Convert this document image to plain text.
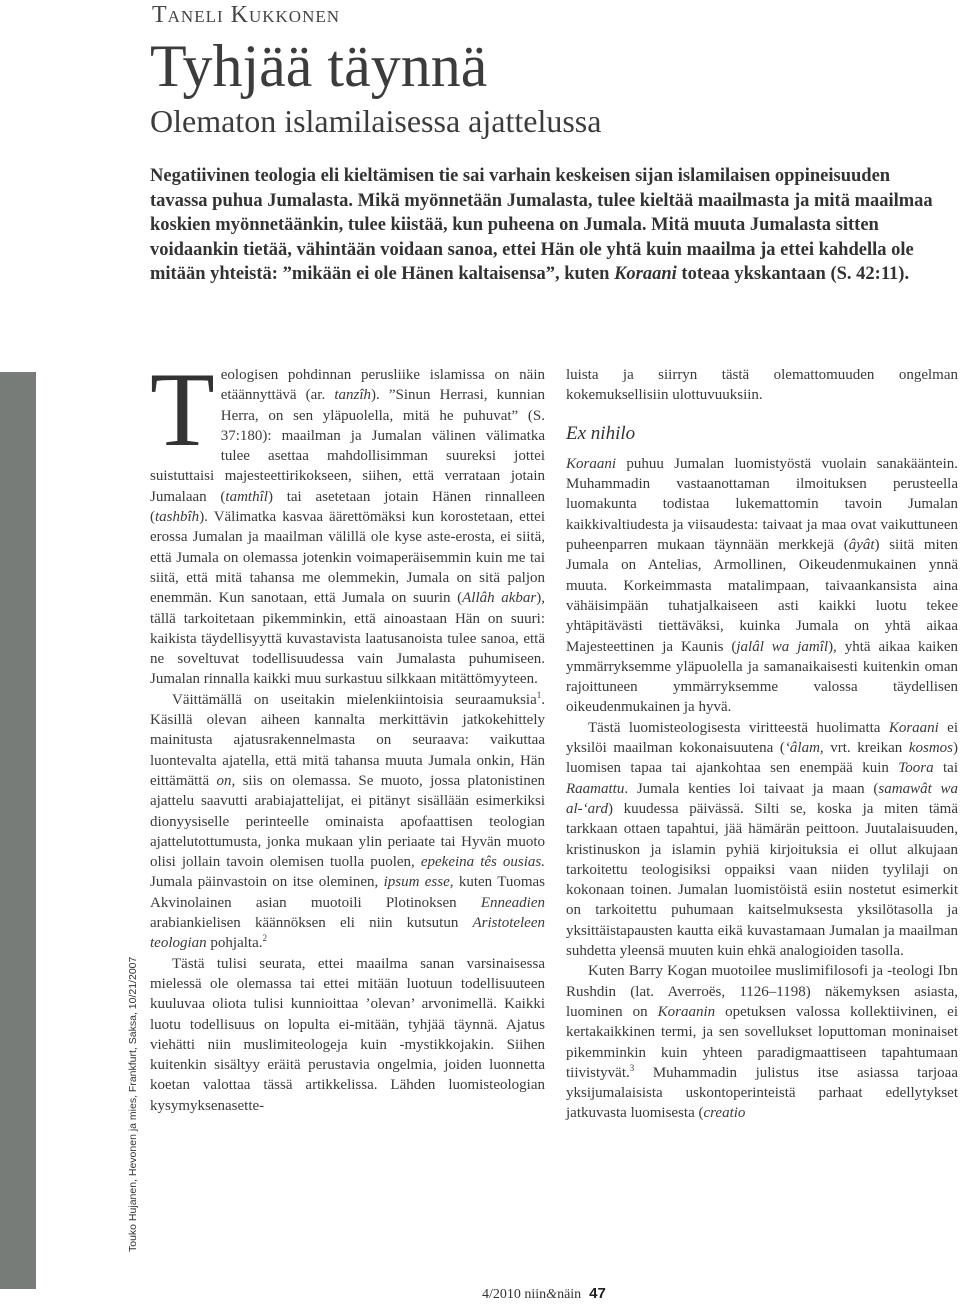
Taneli Kukkonen
Tyhjää täynnä
Olematon islamilaisessa ajattelussa
Negatiivinen teologia eli kieltämisen tie sai varhain keskeisen sijan islamilaisen oppineisuuden tavassa puhua Jumalasta. Mikä myönnetään Jumalasta, tulee kieltää maailmasta ja mitä maailmaa koskien myönnetäänkin, tulee kiistää, kun puheena on Jumala. Mitä muuta Jumalasta sitten voidaankin tietää, vähintään voidaan sanoa, ettei Hän ole yhtä kuin maailma ja ettei kahdella ole mitään yhteistä: ”mikään ei ole Hänen kaltaisensa”, kuten Koraani toteaa ykskantaan (S. 42:11).
Touko Hujanen, Hevonen ja mies, Frankfurt, Saksa, 10/21/2007

Teologisen pohdinnan perusliike islamissa on näin etäännyttävä (ar. tanzîh). ”Sinun Herrasi, kunnian Herra, on sen yläpuolella, mitä he puhuvat” (S. 37:180): maailman ja Jumalan välinen välimatka tulee asettaa mahdollisimman suureksi jottei suistuttaisi majesteettirikokseen, siihen, että verrataan jotain Jumalaan (tamthîl) tai asetetaan jotain Hänen rinnalleen (tashbîh). Välimatka kasvaa äärettömäksi kun korostetaan, ettei erossa Jumalan ja maailman välillä ole kyse aste-erosta, ei siitä, että Jumala on olemassa jotenkin voimaperäisemmin kuin me tai siitä, että mitä tahansa me olemmekin, Jumala on sitä paljon enemmän. Kun sanotaan, että Jumala on suurin (Allâh akbar), tällä tarkoitetaan pikemminkin, että ainoastaan Hän on suuri: kaikista täydellisyyttä kuvastavista laatusanoista tulee sanoa, että ne soveltuvat todellisuudessa vain Jumalasta puhumiseen. Jumalan rinnalla kaikki muu surkastuu silkkaan mitättömyyteen.

Väittämällä on useitakin mielenkiintoisia seuraamuksia$^1$. Käsillä olevan aiheen kannalta merkittävin jatkokehittely mainitusta ajatusrakennelmasta on seuraava: vaikuttaa luontevalta ajatella, että mitä tahansa muuta Jumala onkin, Hän eittämättä on, siis on olemassa. Se muoto, jossa platonistinen ajattelu saavutti arabiajattelijat, ei pitänyt sisällään esimerkiksi dionyysiselle perinteelle ominaista apofaattisen teologian ajattelutottumusta, jonka mukaan ylin periaate tai Hyvän muoto olisi jollain tavoin olemisen tuolla puolen, epekeina tês ousias. Jumala päinvastoin on itse oleminen, ipsum esse, kuten Tuomas Akvinolainen asian muotoili Plotinoksen Enneadien arabiankielisen käännöksen eli niin kutsutun Aristoteleen teologian pohjalta.$^2$

Tästä tulisi seurata, ettei maailma sanan varsinaisessa mielessä ole olemassa tai ettei mitään luotuun todellisuuteen kuuluvaa oliota tulisi kunnioittaa ’olevan’ arvonimellä. Kaikki luotu todellisuus on lopulta ei-mitään, tyhjää täynnä. Ajatus viehätti niin muslimiteologeja kuin -mystikkojakin. Siihen kuitenkin sisältyy eräitä perustavia ongelmia, joiden luonnetta koetan valottaa tässä artikkelissa. Lähden luomisteologian kysymyksenasette-

luista ja siirryn tästä olemattomuuden ongelman kokemuksellisiin ulottuvuuksiin.

Ex nihilo

Koraani puhuu Jumalan luomistyöstä vuolain sanakääntein. Muhammadin vastaanottaman ilmoituksen perusteella luomakunta todistaa lukemattomin tavoin Jumalan kaikkivaltiudesta ja viisaudesta: taivaat ja maa ovat vaikuttuneen puheenparren mukaan täynnään merkkejä (âyât) siitä miten Jumala on Antelias, Armollinen, Oikeudenmukainen ynnä muuta. Korkeimmasta matalimpaan, taivaankansista aina vähäisimpään tuhatjalkaiseen asti kaikki luotu tekee yhtäpitävästi tiettäväksi, kuinka Jumala on yhtä aikaa Majesteettinen ja Kaunis (jalâl wa jamîl), yhtä aikaa kaiken ymmärryksemme yläpuolella ja samanaikaisesti kuitenkin oman rajoittuneen ymmärryksemme valossa täydellisen oikeudenmukainen ja hyvä.

Tästä luomisteologisesta viritteestä huolimatta Koraani ei yksilöi maailman kokonaisuutena (‘âlam, vrt. kreikan kosmos) luomisen tapaa tai ajankohtaa sen enempää kuin Toora tai Raamattu. Jumala kenties loi taivaat ja maan (samawât wa al-‘ard) kuudessa päivässä. Silti se, koska ja miten tämä tarkkaan ottaen tapahtui, jää hämärän peittoon. Juutalaisuuden, kristinuskon ja islamin pyhiä kirjoituksia ei ollut alkujaan tarkoitettu teologisiksi oppaiksi vaan niiden tyylilaji on kokonaan toinen. Jumalan luomistöistä esiin nostetut esimerkit on tarkoitettu puhumaan kaitselmuksesta yksilötasolla ja yksittäistapausten kautta eikä kuvastamaan Jumalan ja maailman suhdetta yleensä muuten kuin ehkä analogioiden tasolla.

Kuten Barry Kogan muotoilee muslimifilosofi ja -teologi Ibn Rushdin (lat. Averroës, 1126–1198) näkemyksen asiasta, luominen on Koraanin opetuksen valossa kollektiivinen, ei kertakaikkinen termi, ja sen sovellukset loputtoman moninaiset pikemminkin kuin yhteen paradigmaattiseen tapahtumaan tiivistyvät.$^3$ Muhammadin julistus itse asiassa tarjoaa yksijumalaisista uskontoperinteistä parhaat edellytykset jatkuvasta luomisesta (creatio

4/2010 niin&näin 47
